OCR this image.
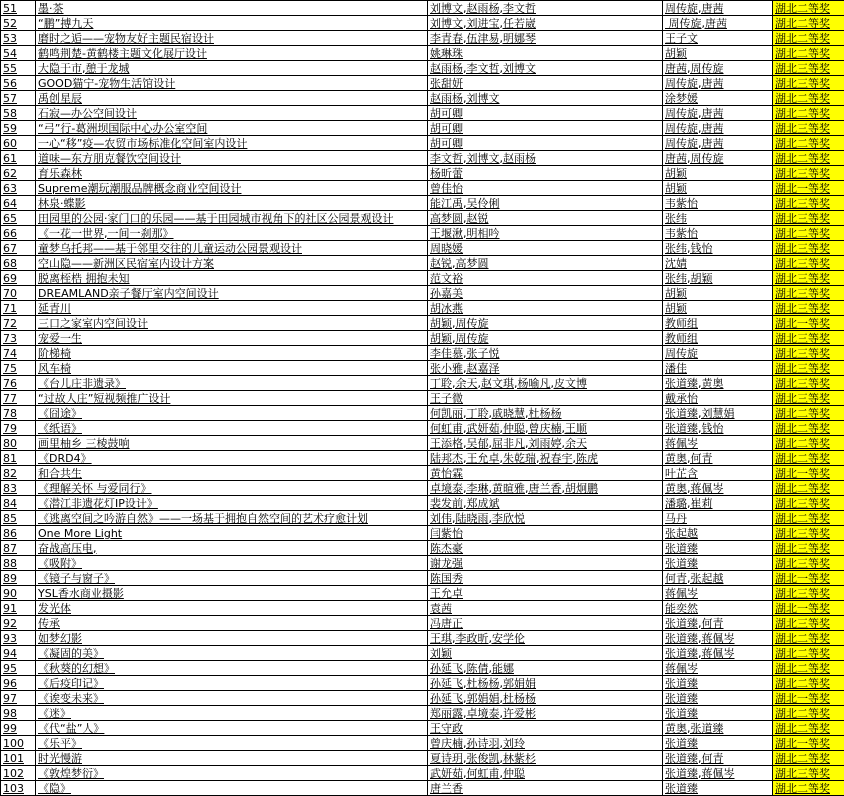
51	墨·茶	刘博文,赵雨杨,李文哲	周传旋,唐茜	湖北二等奖
52	“鹏”搏九天	刘博文,刘进宝,任若崴	周传旋,唐茜	湖北二等奖
53	磨时之逅——宠物友好主题民宿设计	李青春,伍津易,明娜琴	王子文	湖北二等奖
54	鹤鸣荆楚-黄鹤楼主题文化展厅设计	姚琳珠	胡颖	湖北二等奖
55	大隐于市,憩于龙城	赵雨杨,李文哲,刘博文	唐茜,周传旋	湖北三等奖
56	GOOD猫宁-宠物生活馆设计	张甜妍	周传旋,唐茜	湖北三等奖
57	禹创星辰	赵雨杨,刘博文	涂梦媛	湖北二等奖
58	石寂—办公空间设计	胡可卿	周传旋,唐茜	湖北二等奖
59	“弓”行-葛洲坝国际中心办公室空间	胡可卿	周传旋,唐茜	湖北三等奖
60	一心“移”疫—农贸市场标准化空间室内设计	胡可卿	周传旋,唐茜	湖北二等奖
61	道味—东方朋克餐饮空间设计	李文哲,刘博文,赵雨杨	唐茜,周传旋	湖北二等奖
62	育乐森林	杨昕蕾	胡颖	湖北三等奖
63	Supreme潮玩潮服品牌概念商业空间设计	曾佳怡	胡颖	湖北一等奖
64	林泉·蝶影	能江禹,吴伶俐	韦紫怡	湖北三等奖
65	田园里的公园·家门口的乐园——基于田园城市视角下的社区公园景观设计	高梦圆,赵锐	张纬	湖北三等奖
66	《一花一世界,一间一刹那》	王堰湫,明相吟	韦紫怡	湖北二等奖
67	童梦乌托邦——基于邻里交往的儿童运动公园景观设计	周晓媛	张纬,钱怡	湖北三等奖
68	空山隐——新洲区民宿室内设计方案	赵锐,高梦圆	沈婧	湖北三等奖
69	脱离桎梏 拥抱未知	范文裕	张纬,胡颖	湖北三等奖
70	DREAMLAND亲子餐厅室内空间设计	孙嘉美	胡颖	湖北三等奖
71	延青川	胡冰燕	胡颖	湖北三等奖
72	三口之家室内空间设计	胡颖,周传旋	教师组	湖北一等奖
73	宠爱一生	胡颖,周传旋	教师组	湖北三等奖
74	阶梯椅	李佳慕,张子悦	周传旋	湖北三等奖
75	风车椅	张小雅,赵嘉泽	潘佳	湖北三等奖
76	《台儿庄非遗录》	丁聆,余天,赵文琪,杨喻凡,皮文博	张道臻,黄奥	湖北三等奖
77	“过故人庄”短视频推广设计	王子微	戴承怡	湖北三等奖
78	《囧途》	何凯丽,丁聆,戚晓慧,杜杨杨	张道臻,刘慧娟	湖北二等奖
79	《纸语》	何虹甫,武妍茹,仲聪,曾庆楠,王顺	张道臻,钱怡	湖北二等奖
80	画里柚乡 三棱鼓响	王添格,吴郁,屈非凡,刘雨婷,余天	蒋佩岑	湖北二等奖
81	《DRD4》	陆邦杰,王允卓,朱乾瑞,祝春宇,陈虎	黄奥,何青	湖北二等奖
82	和合共生	黄怡霖	叶芷含	湖北一等奖
83	《理解关怀 与爱同行》	卓境泰,李琳,黄暄雅,唐兰香,胡炯鹏	黄奥,蒋佩岑	湖北二等奖
84	《潜江非遗花灯IP设计》	裴发前,郑成斌	潘璐,崔莉	湖北三等奖
85	《逃离空间之吟游自然》——一场基于拥抱自然空间的艺术疗愈计划	刘伟,陆晓雨,李欣悦	马丹	湖北二等奖
86	One More Light	闫紫怡	张起越	湖北三等奖
87	奋战高压电,	陈杰豪	张道臻	湖北三等奖
88	《吸附》	谢龙强	张道臻	湖北三等奖
89	《镜子与窗子》	陈国秀	何青,张起越	湖北一等奖
90	YSL香水商业摄影	王允卓	蒋佩岑	湖北三等奖
91	发光体	袁茜	能奕然	湖北一等奖
92	传承	冯唐正	张道臻,何青	湖北三等奖
93	如梦幻影	王琪,李政昕,安学伦	张道臻,蒋佩岑	湖北二等奖
94	《凝固的美》	刘颖	张道臻,蒋佩岑	湖北二等奖
95	《秋葵的幻想》	孙延飞,陈倩,能娜	蒋佩岑	湖北二等奖
96	《后疫印记》	孙延飞,杜杨杨,郭娟娟	张道臻	湖北二等奖
97	《诶变未来》	孙延飞,郭娟娟,杜杨杨	张道臻	湖北一等奖
98	《迷》	郑丽露,卓境泰,许爱彬	张道臻	湖北二等奖
99	《代“盐”人》	王守政	黄奥,张道臻	湖北二等奖
100	《乐平》	曾庆楠,孙诗羽,刘玲	张道臻	湖北一等奖
101	时光慢游	夏诗玥,张俊凯,林紫杉	张道臻,何青	湖北二等奖
102	《敦煌梦衍》	武妍茹,何虹甫,仲聪	张道臻,蒋佩岑	湖北三等奖
103	《隐》	唐兰香	张道臻	湖北二等奖
